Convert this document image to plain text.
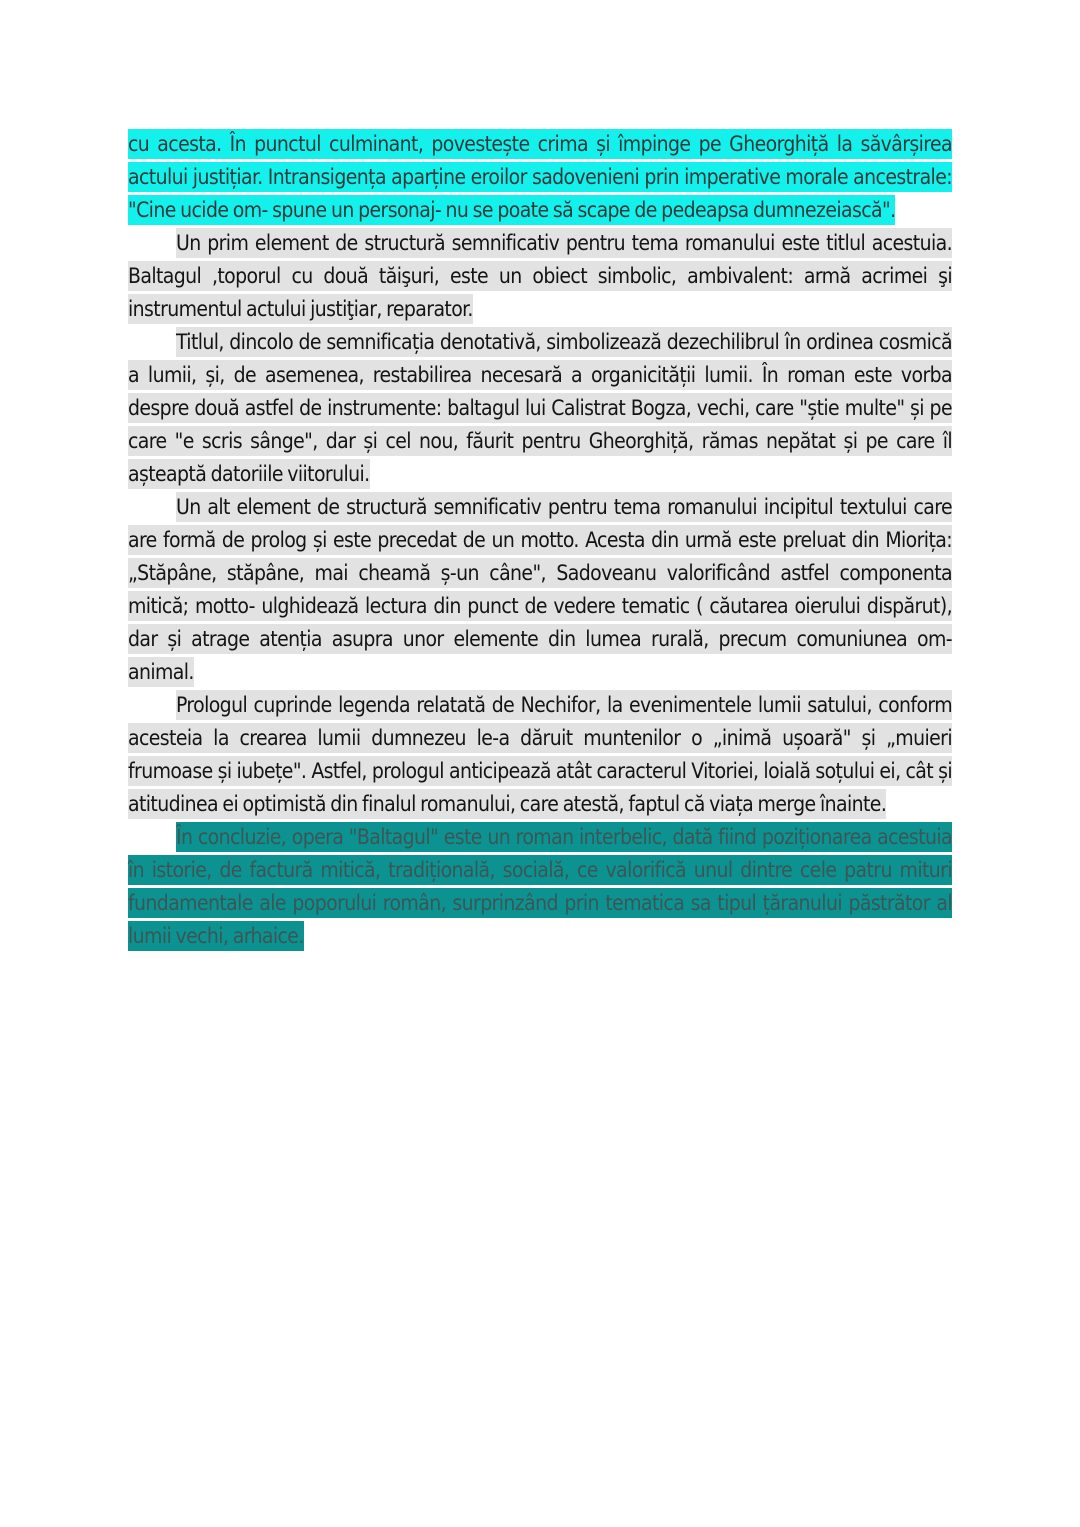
cu acesta. În punctul culminant, povestește crima și împinge pe Gheorghiță la săvârșirea actului justițiar. Intransigența aparține eroilor sadovenieni prin imperative morale ancestrale: "Cine ucide om- spune un personaj- nu se poate să scape de pedeapsa dumnezeiască".

Un prim element de structură semnificativ pentru tema romanului este titlul acestuia. Baltagul ,toporul cu două tăişuri, este un obiect simbolic, ambivalent: armă acrimei şi instrumentul actului justiţiar, reparator.

Titlul, dincolo de semnificația denotativă, simbolizează dezechilibrul în ordinea cosmică a lumii, și, de asemenea, restabilirea necesară a organicității lumii. În roman este vorba despre două astfel de instrumente: baltagul lui Calistrat Bogza, vechi, care "știe multe" și pe care "e scris sânge", dar și cel nou, făurit pentru Gheorghiță, rămas nepătat și pe care îl așteaptă datoriile viitorului.

Un alt element de structură semnificativ pentru tema romanului incipitul textului care are formă de prolog și este precedat de un motto. Acesta din urmă este preluat din Miorița: „Stăpâne, stăpâne, mai cheamă ș-un câne", Sadoveanu valorificând astfel componenta mitică; motto- ulghidează lectura din punct de vedere tematic ( căutarea oierului dispărut), dar și atrage atenția asupra unor elemente din lumea rurală, precum comuniunea om-animal.

Prologul cuprinde legenda relatată de Nechifor, la evenimentele lumii satului, conform acesteia la crearea lumii dumnezeu le-a dăruit muntenilor o „inimă ușoară" și „muieri frumoase și iubețe". Astfel, prologul anticipează atât caracterul Vitoriei, loială soțului ei, cât și atitudinea ei optimistă din finalul romanului, care atestă, faptul că viața merge înainte.

În concluzie, opera "Baltagul" este un roman interbelic, dată fiind poziționarea acestuia în istorie, de factură mitică, tradițională, socială, ce valorifică unul dintre cele patru mituri fundamentale ale poporului român, surprinzând prin tematica sa tipul țăranului păstrător al lumii vechi, arhaice.
